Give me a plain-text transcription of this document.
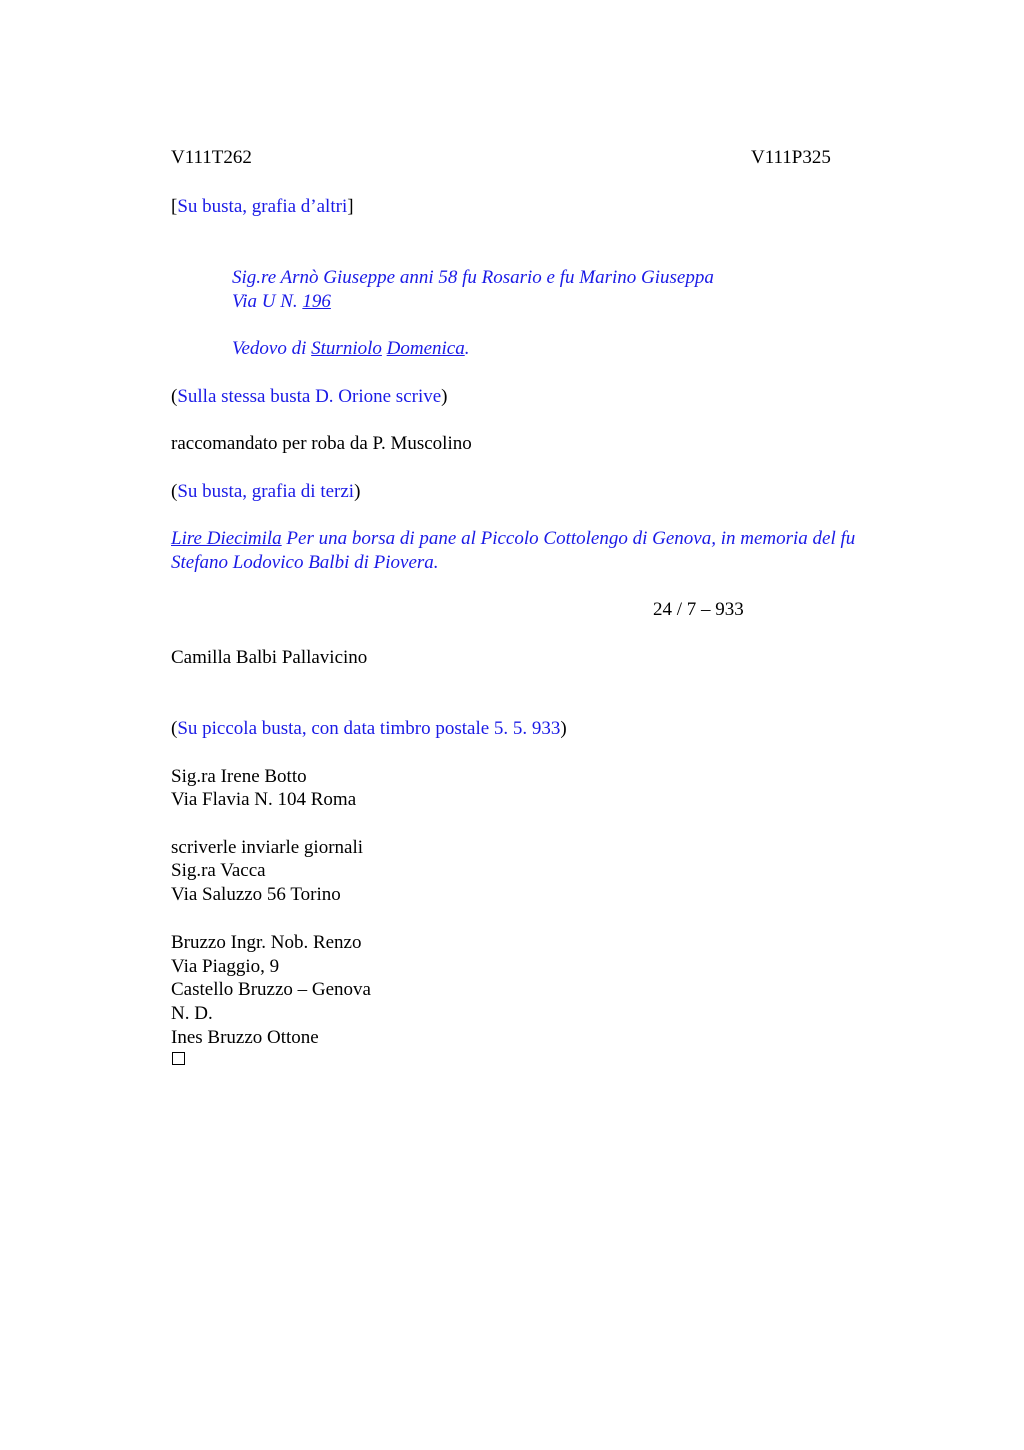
V111T262	V111P325
[Su busta, grafia d’altri]
Sig.re Arnò Giuseppe anni 58 fu Rosario e fu Marino Giuseppa
Via U N. 196
Vedovo di Sturniolo Domenica.
(Sulla stessa busta D. Orione scrive)
raccomandato per roba da P. Muscolino
(Su busta, grafia di terzi)
Lire Diecimila Per una borsa di pane al Piccolo Cottolengo di Genova, in memoria del fu
Stefano Lodovico Balbi di Piovera.
24 / 7 – 933
Camilla Balbi Pallavicino
(Su piccola busta, con data timbro postale 5. 5. 933)
Sig.ra Irene Botto
Via Flavia N. 104 Roma
scriverle inviarle giornali
Sig.ra Vacca
Via Saluzzo 56 Torino
Bruzzo Ingr. Nob. Renzo
Via Piaggio, 9
Castello Bruzzo – Genova
N. D.
Ines Bruzzo Ottone
